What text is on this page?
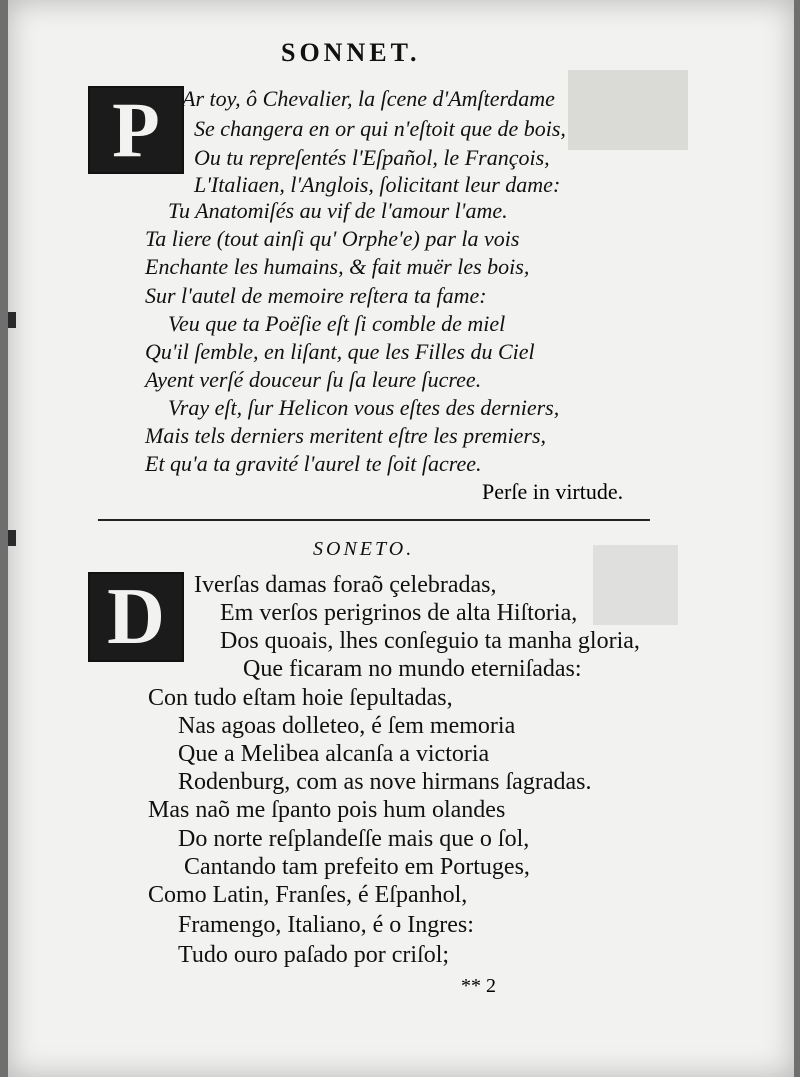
SONNET.
P Ar toy, ô Chevalier, la ſcene d'Amſterdame
Se changera en or qui n'eſtoit que de bois,
Ou tu repreſentés l'Eſpañol, le François,
L'Italiaen, l'Anglois, ſolicitant leur dame:
Tu Anatomiſés au vif de l'amour l'ame.
Ta liere (tout ainſi qu' Orphe'e) par la vois
Enchante les humains, & fait muër les bois,
Sur l'autel de memoire reſtera ta fame:
Veu que ta Poëſie eſt ſi comble de miel
Qu'il ſemble, en liſant, que les Filles du Ciel
Ayent verſé douceur ſu ſa leure ſucree.
Vray eſt, ſur Helicon vous eſtes des derniers,
Mais tels derniers meritent eſtre les premiers,
Et qu'a ta gravité l'aurel te ſoit ſacree.
Perſe in virtude.
SONETO.
D Iverſas damas foraõ çelebradas,
Em verſos perigrinos de alta Hiſtoria,
Dos quoais, lhes conſeguio ta manha gloria,
Que ficaram no mundo eterniſadas:
Con tudo eſtam hoie ſepultadas,
Nas agoas dolleteo, é ſem memoria
Que a Melibea alcanſa a victoria
Rodenburg, com as nove hirmans ſagradas.
Mas naõ me ſpanto pois hum olandes
Do norte reſplandeſſe mais que o ſol,
Cantando tam prefeito em Portuges,
Como Latin, Franſes, é Eſpanhol,
Framengo, Italiano, é o Ingres:
Tudo ouro paſado por criſol;
** 2
